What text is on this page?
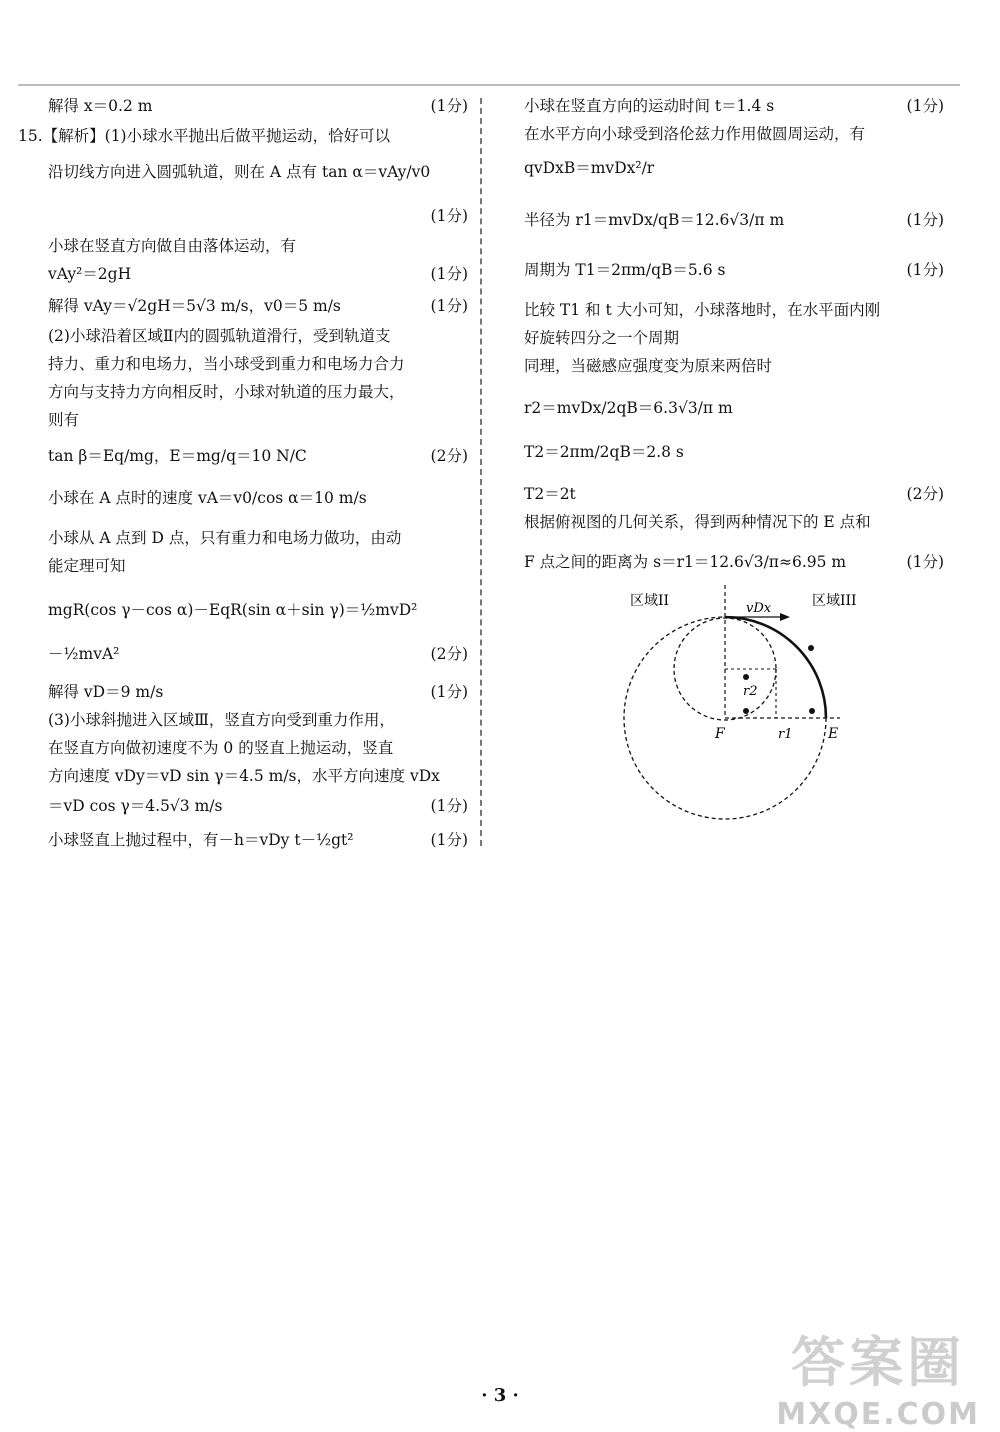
解得 x＝0.2 m	(1分)
15.【解析】(1)小球水平抛出后做平抛运动，恰好可以
沿切线方向进入圆弧轨道，则在 A 点有 tan α＝vAy/v0
(1分)
小球在竖直方向做自由落体运动，有
vAy²＝2gH	(1分)
解得 vAy＝√2gH＝5√3 m/s，v0＝5 m/s	(1分)
(2)小球沿着区域Ⅱ内的圆弧轨道滑行，受到轨道支
持力、重力和电场力，当小球受到重力和电场力合力
方向与支持力方向相反时，小球对轨道的压力最大，
则有
tan β＝Eq/mg，E＝mg/q＝10 N/C	(2分)
小球在 A 点时的速度 vA＝v0/cos α＝10 m/s
小球从 A 点到 D 点，只有重力和电场力做功，由动
能定理可知
mgR(cos γ－cos α)－EqR(sin α＋sin γ)＝½mvD²
－½mvA²	(2分)
解得 vD＝9 m/s	(1分)
(3)小球斜抛进入区域Ⅲ，竖直方向受到重力作用，
在竖直方向做初速度不为 0 的竖直上抛运动，竖直
方向速度 vDy＝vD sin γ＝4.5 m/s，水平方向速度 vDx
＝vD cos γ＝4.5√3 m/s	(1分)
小球竖直上抛过程中，有－h＝vDy t－½gt²	(1分)
小球在竖直方向的运动时间 t＝1.4 s	(1分)
在水平方向小球受到洛伦兹力作用做圆周运动，有
qvDxB＝mvDx²/r
半径为 r1＝mvDx/qB＝12.6√3/π m	(1分)
周期为 T1＝2πm/qB＝5.6 s	(1分)
比较 T1 和 t 大小可知，小球落地时，在水平面内刚
好旋转四分之一个周期
同理，当磁感应强度变为原来两倍时
r2＝mvDx/2qB＝6.3√3/π m
T2＝2πm/2qB＝2.8 s
T2＝2t	(2分)
根据俯视图的几何关系，得到两种情况下的 E 点和
F 点之间的距离为 s＝r1＝12.6√3/π≈6.95 m	(1分)
区域II	区域III
vDx
r1
r2
F	E
答案圈
MXQE.COM
· 3 ·
